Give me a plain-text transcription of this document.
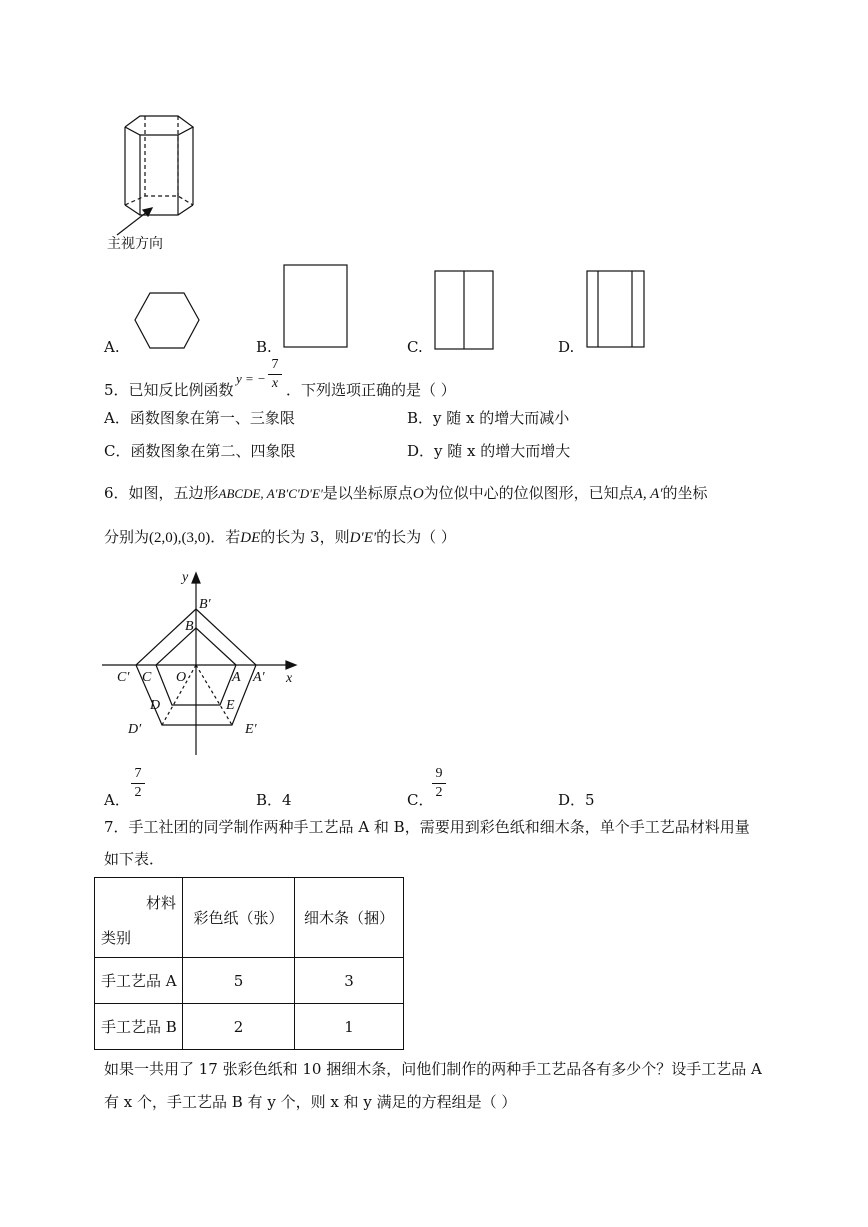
主视方向
A.	B.	C.	D.
5．已知反比例函数
y = −
7
x ．下列选项正确的是（ ）
A．函数图象在第一、三象限	B．y 随 x 的增大而减小
C．函数图象在第二、四象限	D．y 随 x 的增大而增大
6．如图，五边形ABCDE, A′B′C′D′E′是以坐标原点O为位似中心的位似图形，已知点A, A′的坐标
分别为(2,0),(3,0)．若DE的长为 3，则D′E′的长为（ ）
y
x
B′
B
C′ C O	A A′
D	E
D′	E′
A．
7
2	B．4	C．
9
2	D．5
7．手工社团的同学制作两种手工艺品 A 和 B，需要用到彩色纸和细木条，单个手工艺品材料用量
如下表．
材料
类别	彩色纸（张）	细木条（捆）
手工艺品 A	5	3
手工艺品 B	2	1
如果一共用了 17 张彩色纸和 10 捆细木条，问他们制作的两种手工艺品各有多少个？设手工艺品 A
有 x 个，手工艺品 B 有 y 个，则 x 和 y 满足的方程组是（ ）
